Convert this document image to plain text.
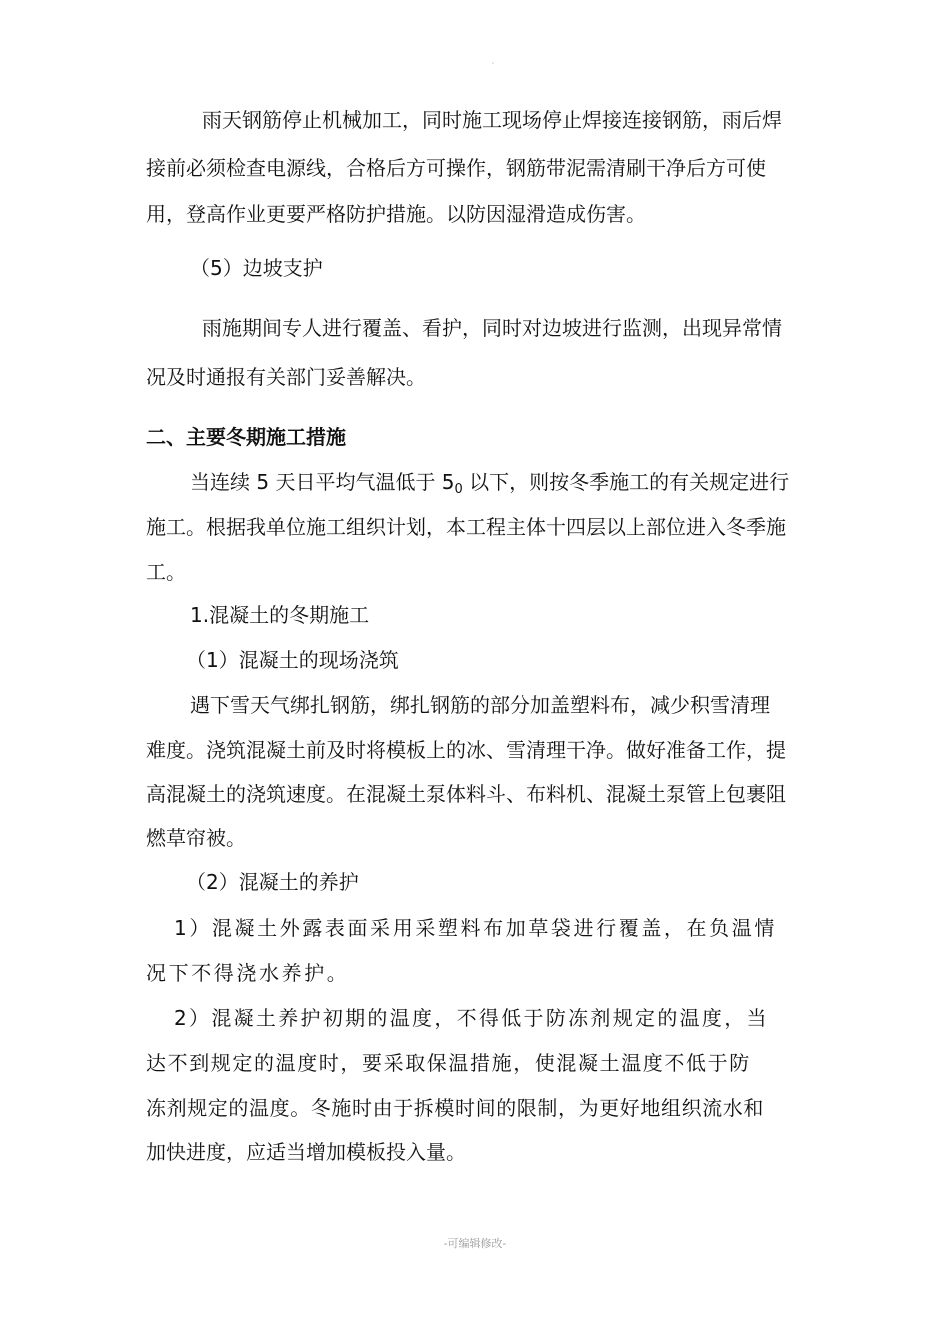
雨天钢筋停止机械加工，同时施工现场停止焊接连接钢筋，雨后焊

接前必须检查电源线，合格后方可操作，钢筋带泥需清刷干净后方可使

用，登高作业更要严格防护措施。以防因湿滑造成伤害。

（5）边坡支护

雨施期间专人进行覆盖、看护，同时对边坡进行监测，出现异常情

况及时通报有关部门妥善解决。

二、主要冬期施工措施

当连续 5 天日平均气温低于 $5_0$ 以下，则按冬季施工的有关规定进行

施工。根据我单位施工组织计划，本工程主体十四层以上部位进入冬季施

工。

1.混凝土的冬期施工

（1）混凝土的现场浇筑

遇下雪天气绑扎钢筋，绑扎钢筋的部分加盖塑料布，减少积雪清理

难度。浇筑混凝土前及时将模板上的冰、雪清理干净。做好准备工作，提

高混凝土的浇筑速度。在混凝土泵体料斗、布料机、混凝土泵管上包裹阻

燃草帘被。

（2）混凝土的养护

1）混凝土外露表面采用采塑料布加草袋进行覆盖，在负温情

况下不得浇水养护。

2）混凝土养护初期的温度，不得低于防冻剂规定的温度，当

达不到规定的温度时，要采取保温措施，使混凝土温度不低于防

冻剂规定的温度。冬施时由于拆模时间的限制，为更好地组织流水和

加快进度，应适当增加模板投入量。

-可编辑修改-
